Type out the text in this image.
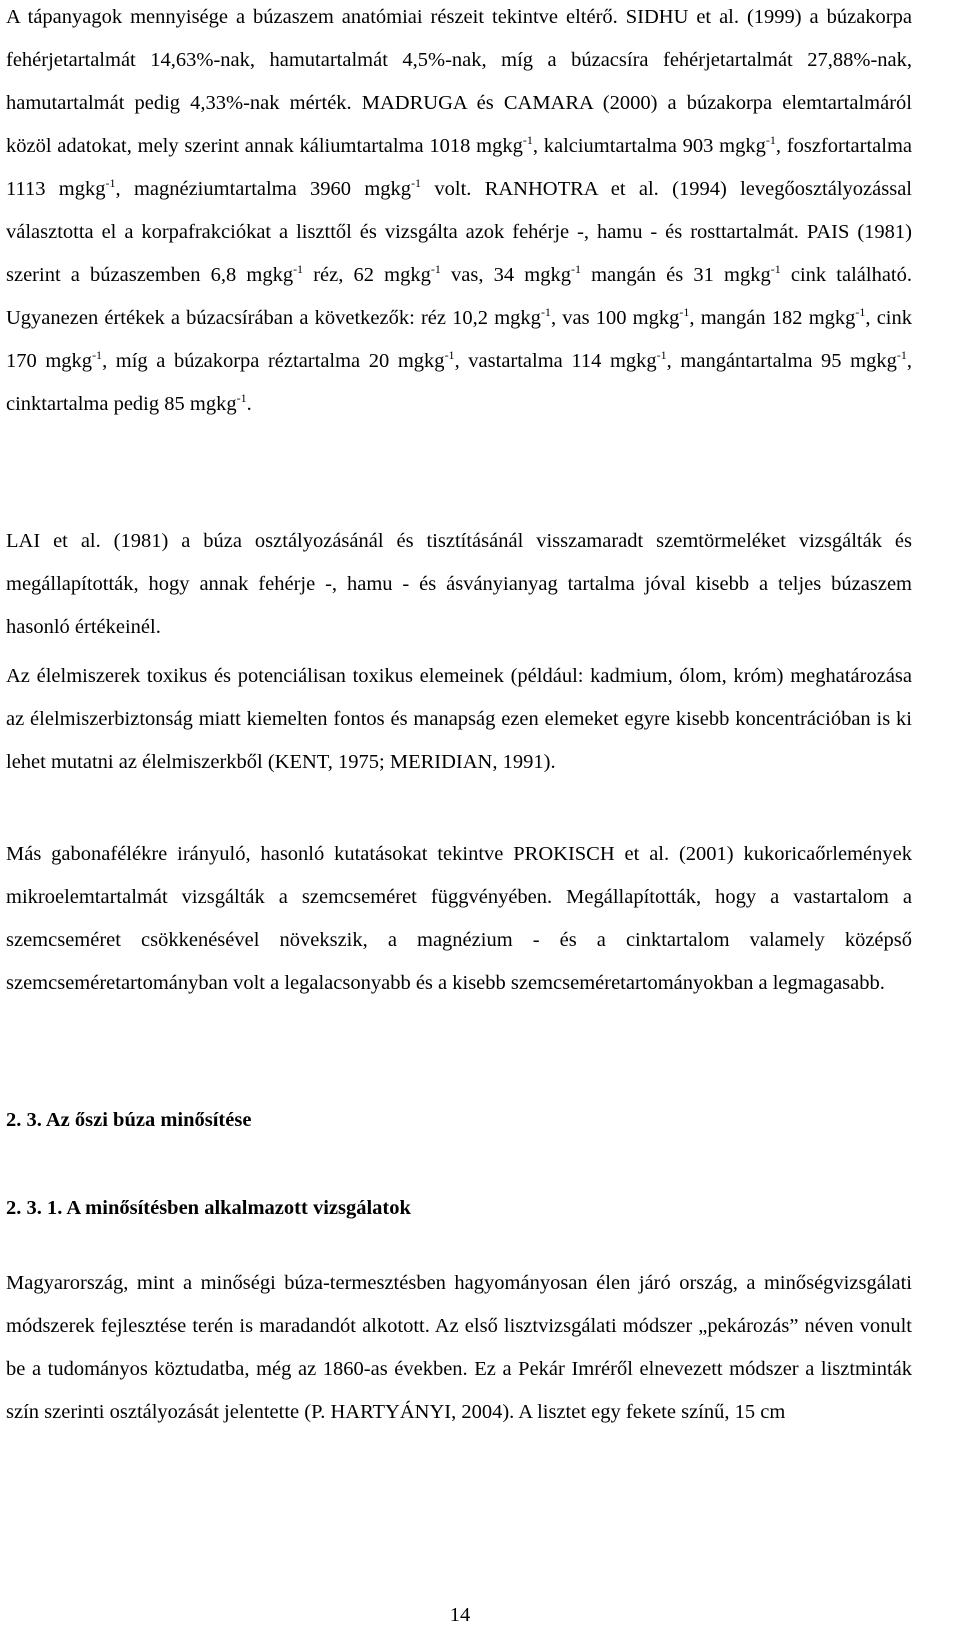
A tápanyagok mennyisége a búzaszem anatómiai részeit tekintve eltérő. SIDHU et al. (1999) a búzakorpa fehérjetartalmát 14,63%-nak, hamutartalmát 4,5%-nak, míg a búzacsíra fehérjetartalmát 27,88%-nak, hamutartalmát pedig 4,33%-nak mérték. MADRUGA és CAMARA (2000) a búzakorpa elemtartalmáról közöl adatokat, mely szerint annak káliumtartalma 1018 mgkg$^{-1}$, kalciumtartalma 903 mgkg$^{-1}$, foszfortartalma 1113 mgkg$^{-1}$, magnéziumtartalma 3960 mgkg$^{-1}$ volt. RANHOTRA et al. (1994) levegőosztályozással választotta el a korpafrakciókat a liszttől és vizsgálta azok fehérje -, hamu - és rosttartalmát. PAIS (1981) szerint a búzaszemben 6,8 mgkg$^{-1}$ réz, 62 mgkg$^{-1}$ vas, 34 mgkg$^{-1}$ mangán és 31 mgkg$^{-1}$ cink található. Ugyanezen értékek a búzacsírában a következők: réz 10,2 mgkg$^{-1}$, vas 100 mgkg$^{-1}$, mangán 182 mgkg$^{-1}$, cink 170 mgkg$^{-1}$, míg a búzakorpa réztartalma 20 mgkg$^{-1}$, vastartalma 114 mgkg$^{-1}$, mangántartalma 95 mgkg$^{-1}$, cinktartalma pedig 85 mgkg$^{-1}$.

LAI et al. (1981) a búza osztályozásánál és tisztításánál visszamaradt szemtörmeléket vizsgálták és megállapították, hogy annak fehérje -, hamu - és ásványianyag tartalma jóval kisebb a teljes búzaszem hasonló értékeinél.

Az élelmiszerek toxikus és potenciálisan toxikus elemeinek (például: kadmium, ólom, króm) meghatározása az élelmiszerbiztonság miatt kiemelten fontos és manapság ezen elemeket egyre kisebb koncentrációban is ki lehet mutatni az élelmiszerkből (KENT, 1975; MERIDIAN, 1991).

Más gabonafélékre irányuló, hasonló kutatásokat tekintve PROKISCH et al. (2001) kukoricaőrlemények mikroelemtartalmát vizsgálták a szemcseméret függvényében. Megállapították, hogy a vastartalom a szemcseméret csökkenésével növekszik, a magnézium - és a cinktartalom valamely középső szemcseméretartományban volt a legalacsonyabb és a kisebb szemcseméretartományokban a legmagasabb.

2. 3. Az őszi búza minősítése
2. 3. 1. A minősítésben alkalmazott vizsgálatok

Magyarország, mint a minőségi búza-termesztésben hagyományosan élen járó ország, a minőségvizsgálati módszerek fejlesztése terén is maradandót alkotott. Az első lisztvizsgálati módszer „pekározás” néven vonult be a tudományos köztudatba, még az 1860-as években. Ez a Pekár Imréről elnevezett módszer a lisztminták szín szerinti osztályozását jelentette (P. HARTYÁNYI, 2004). A lisztet egy fekete színű, 15 cm

14
